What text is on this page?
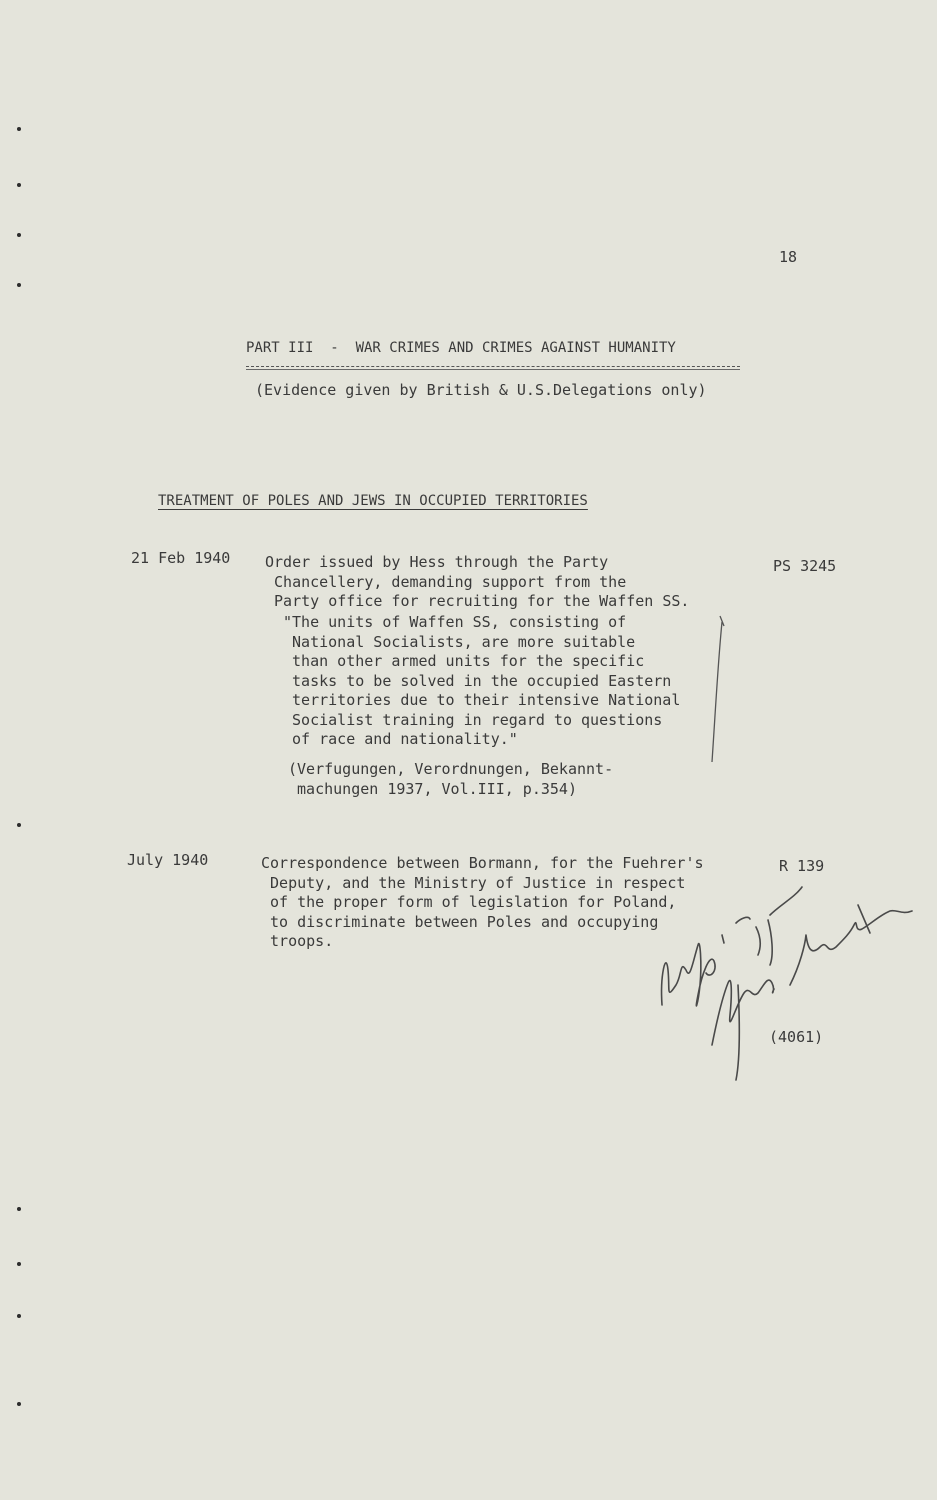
18
PART III  -  WAR CRIMES AND CRIMES AGAINST HUMANITY
(Evidence given by British & U.S.Delegations only)
TREATMENT OF POLES AND JEWS IN OCCUPIED TERRITORIES
21 Feb 1940 Order issued by Hess through the Party
Chancellery, demanding support from the
Party office for recruiting for the Waffen SS.
PS 3245
"The units of Waffen SS, consisting of
National Socialists, are more suitable
than other armed units for the specific
tasks to be solved in the occupied Eastern
territories due to their intensive National
Socialist training in regard to questions
of race and nationality."
(Verfugungen, Verordnungen, Bekannt-
machungen 1937, Vol.III, p.354)
July 1940	Correspondence between Bormann, for the Fuehrer's
Deputy, and the Ministry of Justice in respect
of the proper form of legislation for Poland,
to discriminate between Poles and occupying
troops.
R 139
(4061)
